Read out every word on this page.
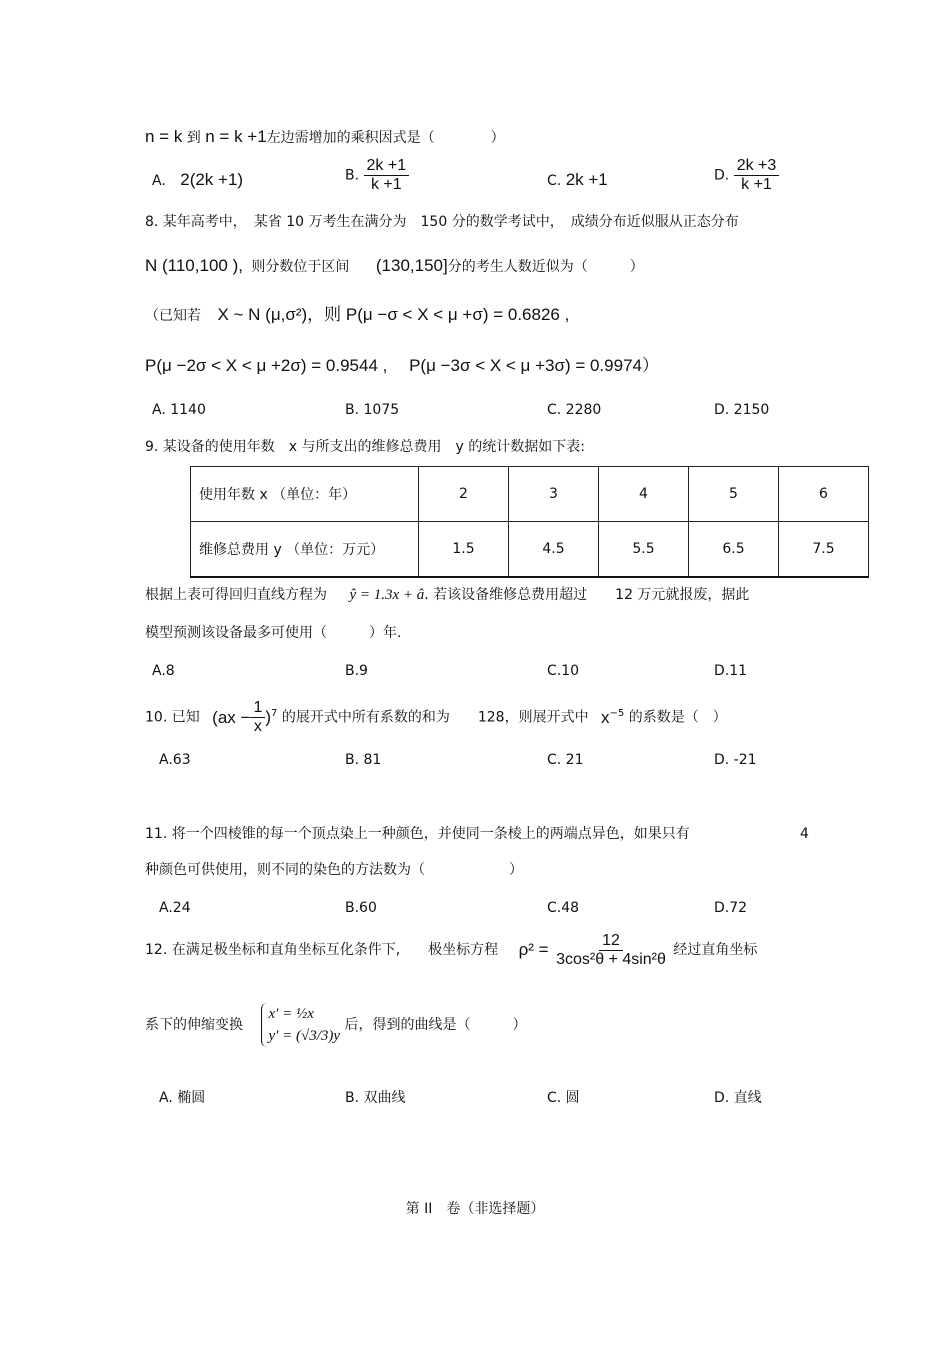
n = k 到 n = k +1左边需增加的乘积因式是（　　　　）
A. 2(2k +1)	B. $\frac{2k +1}{k +1}$	C. 2k +1	D. $\frac{2k +3}{k +1}$
8. 某年高考中，　某省 10 万考生在满分为　150 分的数学考试中，　成绩分布近似服从正态分布
N (110,100 ), 则分数位于区间 (130,150]分的考生人数近似为（　　　）
（已知若 X ~ N (μ,σ²)，则 P(μ −σ < X < μ +σ) = 0.6826 ,
P(μ −2σ < X < μ +2σ) = 0.9544 ,　 P(μ −3σ < X < μ +3σ) = 0.9974）
A. 1140	B. 1075	C. 2280	D. 2150
9. 某设备的使用年数　x 与所支出的维修总费用　y 的统计数据如下表:
使用年数 x （单位：年）	2	3	4	5	6
维修总费用 y （单位：万元）	1.5	4.5	5.5	6.5	7.5
根据上表可得回归直线方程为 ŷ = 1.3x + â. 若该设备维修总费用超过　　12 万元就报废，据此
模型预测该设备最多可使用（　　　）年.
A.8	B.9	C.10	D.11
10. 已知 $(ax - \frac{1}{x} )^7$ 的展开式中所有系数的和为　　128，则展开式中 $x^{-5}$ 的系数是（　）
A.63	B. 81	C. 21	D. -21
11. 将一个四棱锥的每一个顶点染上一种颜色，并使同一条棱上的两端点异色，如果只有	4
种颜色可供使用，则不同的染色的方法数为（　　　　　　）
A.24	B.60	C.48	D.72
12. 在满足极坐标和直角坐标互化条件下,　　极坐标方程 $\rho^2 = \frac{12}{\text{3cos²θ + 4sin²θ}}$ 经过直角坐标
系下的伸缩变换 x′ = ½x
y′ = (√3/3)y 后，得到的曲线是（　　　）
A. 椭圆	B. 双曲线	C. 圆	D. 直线
第 II　卷（非选择题）
